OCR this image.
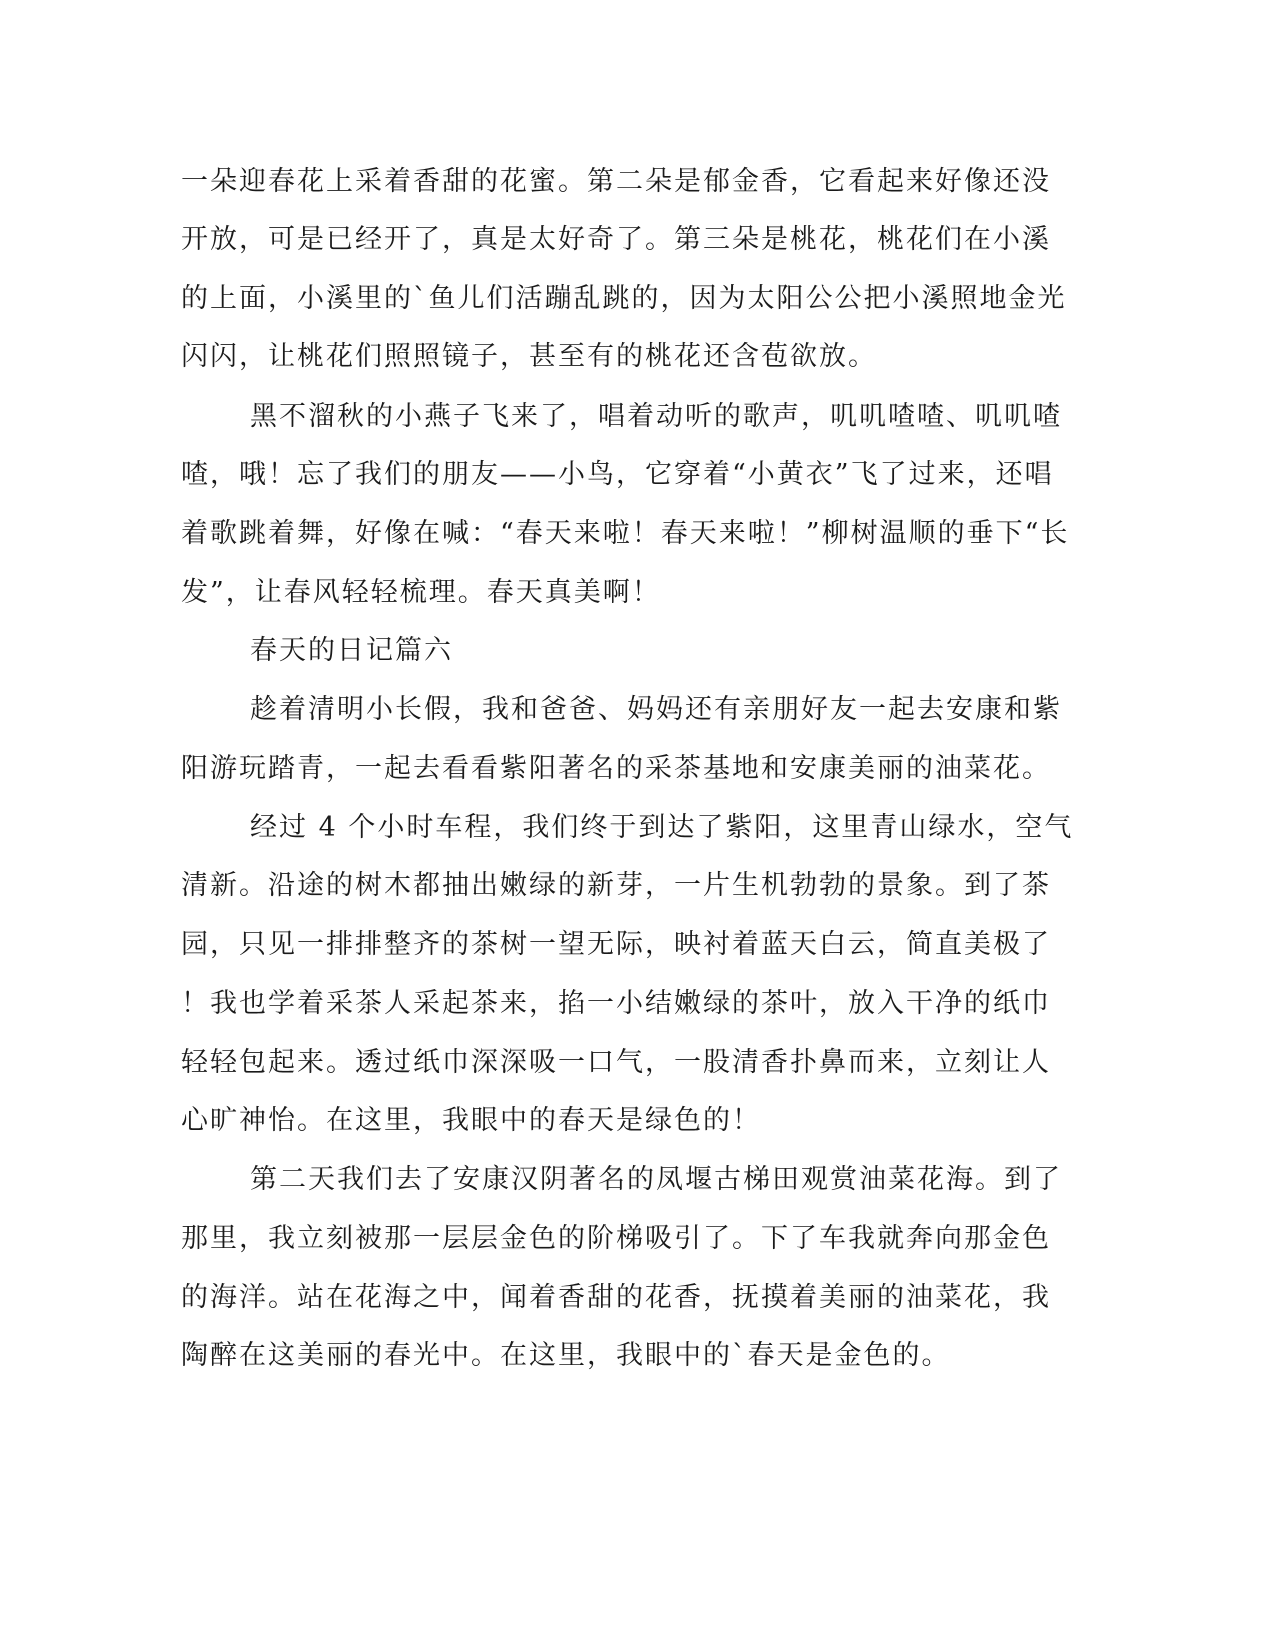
一朵迎春花上采着香甜的花蜜。第二朵是郁金香，它看起来好像还没
开放，可是已经开了，真是太好奇了。第三朵是桃花，桃花们在小溪
的上面，小溪里的`鱼儿们活蹦乱跳的，因为太阳公公把小溪照地金光
闪闪，让桃花们照照镜子，甚至有的桃花还含苞欲放。
黑不溜秋的小燕子飞来了，唱着动听的歌声，叽叽喳喳、叽叽喳
喳，哦！忘了我们的朋友——小鸟，它穿着“小黄衣”飞了过来，还唱
着歌跳着舞，好像在喊：“春天来啦！春天来啦！”柳树温顺的垂下“长
发”，让春风轻轻梳理。春天真美啊！
春天的日记篇六
趁着清明小长假，我和爸爸、妈妈还有亲朋好友一起去安康和紫
阳游玩踏青，一起去看看紫阳著名的采茶基地和安康美丽的油菜花。
经过 4 个小时车程，我们终于到达了紫阳，这里青山绿水，空气
清新。沿途的树木都抽出嫩绿的新芽，一片生机勃勃的景象。到了茶
园，只见一排排整齐的茶树一望无际，映衬着蓝天白云，简直美极了
！我也学着采茶人采起茶来，掐一小结嫩绿的茶叶，放入干净的纸巾
轻轻包起来。透过纸巾深深吸一口气，一股清香扑鼻而来，立刻让人
心旷神怡。在这里，我眼中的春天是绿色的！
第二天我们去了安康汉阴著名的凤堰古梯田观赏油菜花海。到了
那里，我立刻被那一层层金色的阶梯吸引了。下了车我就奔向那金色
的海洋。站在花海之中，闻着香甜的花香，抚摸着美丽的油菜花，我
陶醉在这美丽的春光中。在这里，我眼中的`春天是金色的。
